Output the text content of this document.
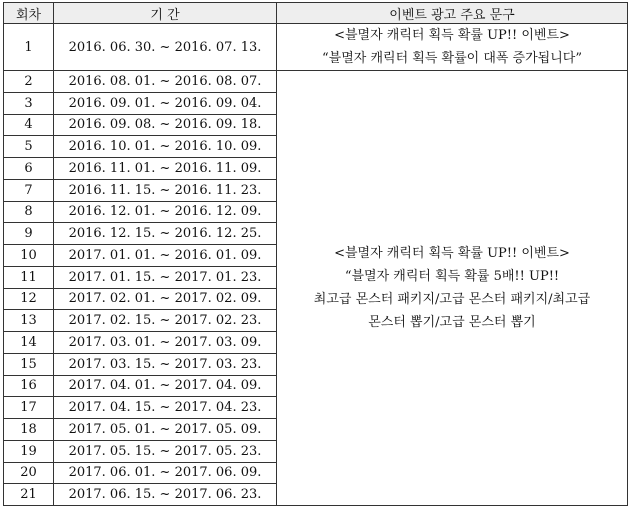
회차	기 간	이벤트 광고 주요 문구
1	2016. 06. 30. ~ 2016. 07. 13.	<블멸자 캐릭터 획득 확률 UP!! 이벤트>
“블멸자 캐릭터 획득 확률이 대폭 증가됩니다”

2	2016. 08. 01. ~ 2016. 08. 07.	<블멸자 캐릭터 획득 확률 UP!! 이벤트>
“블멸자 캐릭터 획득 확률 5배!! UP!!
최고급 몬스터 패키지/고급 몬스터 패키지/최고급
몬스터 뽑기/고급 몬스터 뽑기

3	2016. 09. 01. ~ 2016. 09. 04.	
4	2016. 09. 08. ~ 2016. 09. 18.	
5	2016. 10. 01. ~ 2016. 10. 09.	
6	2016. 11. 01. ~ 2016. 11. 09.	
7	2016. 11. 15. ~ 2016. 11. 23.	
8	2016. 12. 01. ~ 2016. 12. 09.	
9	2016. 12. 15. ~ 2016. 12. 25.	
10	2017. 01. 01. ~ 2016. 01. 09.	
11	2017. 01. 15. ~ 2017. 01. 23.	
12	2017. 02. 01. ~ 2017. 02. 09.	
13	2017. 02. 15. ~ 2017. 02. 23.	
14	2017. 03. 01. ~ 2017. 03. 09.	
15	2017. 03. 15. ~ 2017. 03. 23.	
16	2017. 04. 01. ~ 2017. 04. 09.	
17	2017. 04. 15. ~ 2017. 04. 23.	
18	2017. 05. 01. ~ 2017. 05. 09.	
19	2017. 05. 15. ~ 2017. 05. 23.	
20	2017. 06. 01. ~ 2017. 06. 09.	
21	2017. 06. 15. ~ 2017. 06. 23.	
